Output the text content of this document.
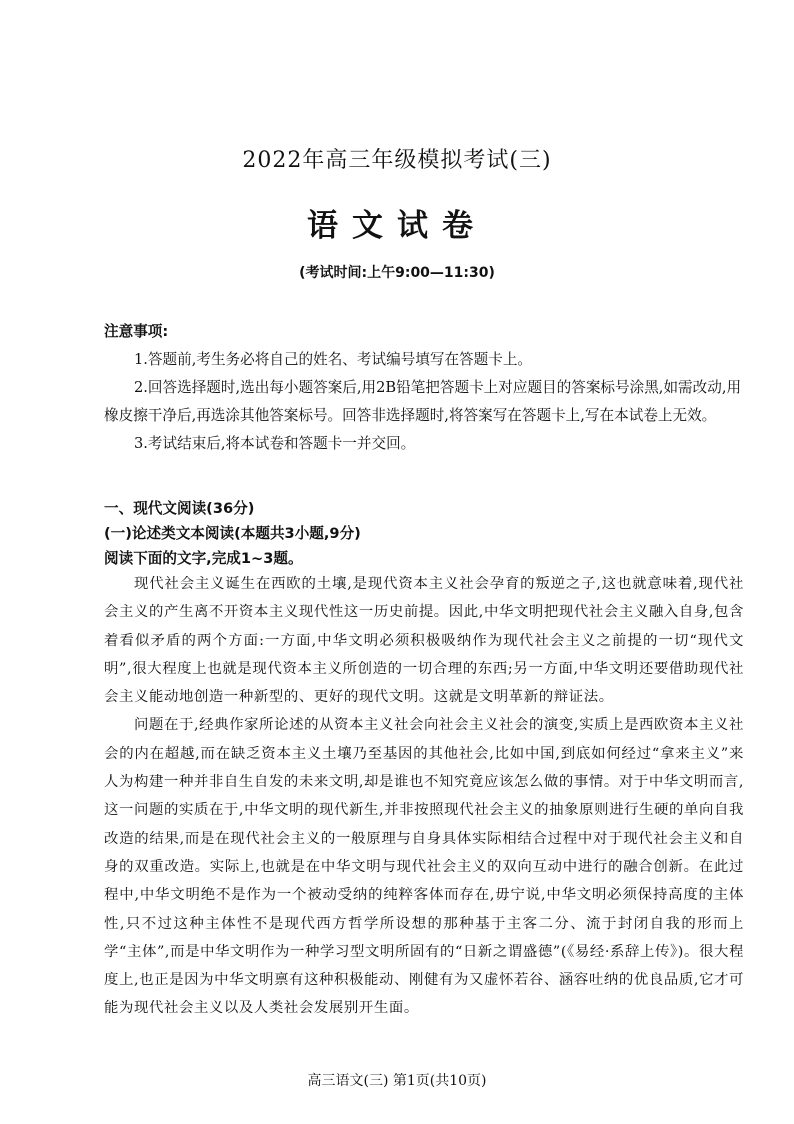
2022年高三年级模拟考试(三)
语文试卷
(考试时间:上午9:00—11:30)
注意事项:

1.答题前,考生务必将自己的姓名、考试编号填写在答题卡上。

2.回答选择题时,选出每小题答案后,用2B铅笔把答题卡上对应题目的答案标号涂黑,如需改动,用橡皮擦干净后,再选涂其他答案标号。回答非选择题时,将答案写在答题卡上,写在本试卷上无效。

3.考试结束后,将本试卷和答题卡一并交回。

一、现代文阅读(36分)

(一)论述类文本阅读(本题共3小题,9分)

阅读下面的文字,完成1~3题。

现代社会主义诞生在西欧的土壤,是现代资本主义社会孕育的叛逆之子,这也就意味着,现代社会主义的产生离不开资本主义现代性这一历史前提。因此,中华文明把现代社会主义融入自身,包含着看似矛盾的两个方面:一方面,中华文明必须积极吸纳作为现代社会主义之前提的一切“现代文明”,很大程度上也就是现代资本主义所创造的一切合理的东西;另一方面,中华文明还要借助现代社会主义能动地创造一种新型的、更好的现代文明。这就是文明革新的辩证法。

问题在于,经典作家所论述的从资本主义社会向社会主义社会的演变,实质上是西欧资本主义社会的内在超越,而在缺乏资本主义土壤乃至基因的其他社会,比如中国,到底如何经过“拿来主义”来人为构建一种并非自生自发的未来文明,却是谁也不知究竟应该怎么做的事情。对于中华文明而言,这一问题的实质在于,中华文明的现代新生,并非按照现代社会主义的抽象原则进行生硬的单向自我改造的结果,而是在现代社会主义的一般原理与自身具体实际相结合过程中对于现代社会主义和自身的双重改造。实际上,也就是在中华文明与现代社会主义的双向互动中进行的融合创新。在此过程中,中华文明绝不是作为一个被动受纳的纯粹客体而存在,毋宁说,中华文明必须保持高度的主体性,只不过这种主体性不是现代西方哲学所设想的那种基于主客二分、流于封闭自我的形而上学“主体”,而是中华文明作为一种学习型文明所固有的“日新之谓盛德”(《易经·系辞上传》)。很大程度上,也正是因为中华文明禀有这种积极能动、刚健有为又虚怀若谷、涵容吐纳的优良品质,它才可能为现代社会主义以及人类社会发展别开生面。

高三语文(三) 第1页(共10页)
